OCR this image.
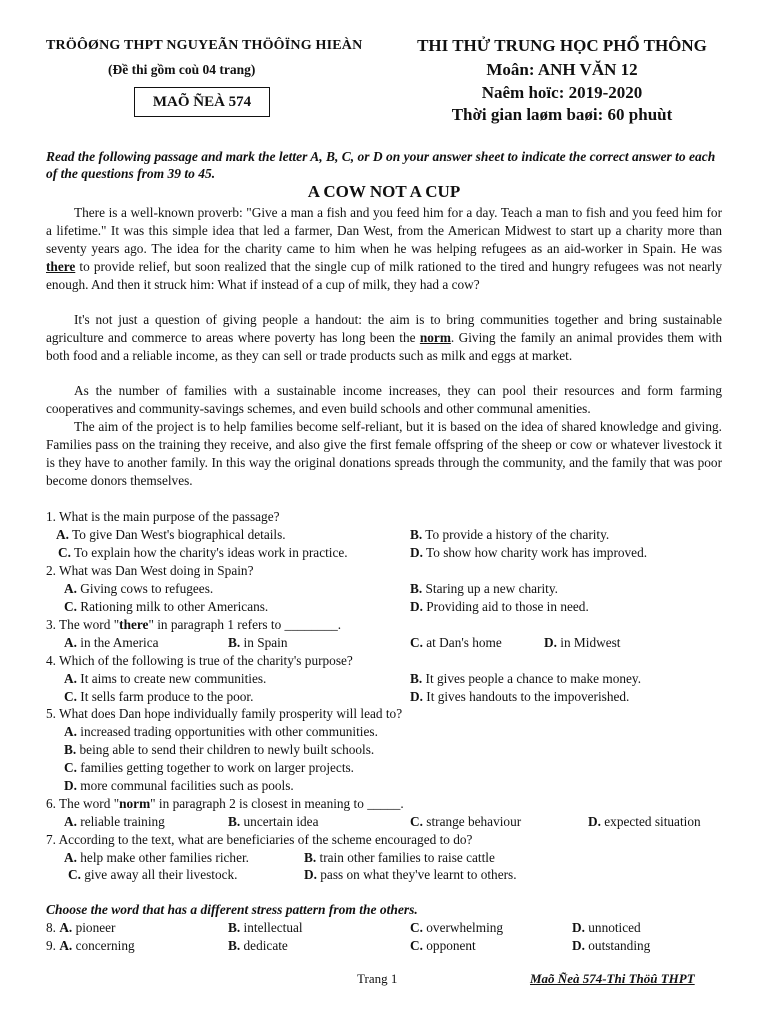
TRÖÔØNG THPT NGUYEÃN THÖÔÏNG HIEÀN	THI THỬ TRUNG HỌC PHỔ THÔNG
(Đề thi gồm coù 04 trang)	Moân: ANH VĂN 12
MAÕ ÑEÀ 574	Naêm hoïc: 2019-2020
Thời gian laøm baøi: 60 phuùt
Read the following passage and mark the letter A, B, C, or D on your answer sheet to indicate the correct answer to each of the questions from 39 to 45.
A COW NOT A CUP

There is a well-known proverb: "Give a man a fish and you feed him for a day. Teach a man to fish and you feed him for a lifetime." It was this simple idea that led a farmer, Dan West, from the American Midwest to start up a charity more than seventy years ago. The idea for the charity came to him when he was helping refugees as an aid-worker in Spain. He was there to provide relief, but soon realized that the single cup of milk rationed to the tired and hungry refugees was not nearly enough. And then it struck him: What if instead of a cup of milk, they had a cow?

It's not just a question of giving people a handout: the aim is to bring communities together and bring sustainable agriculture and commerce to areas where poverty has long been the norm. Giving the family an animal provides them with both food and a reliable income, as they can sell or trade products such as milk and eggs at market.

As the number of families with a sustainable income increases, they can pool their resources and form farming cooperatives and community-savings schemes, and even build schools and other communal amenities.

The aim of the project is to help families become self-reliant, but it is based on the idea of shared knowledge and giving. Families pass on the training they receive, and also give the first female offspring of the sheep or cow or whatever livestock it is they have to another family. In this way the original donations spreads through the community, and the family that was poor become donors themselves.

1. What is the main purpose of the passage?
A. To give Dan West's biographical details.	B. To provide a history of the charity.
C. To explain how the charity's ideas work in practice.	D. To show how charity work has improved.
2. What was Dan West doing in Spain?
A. Giving cows to refugees.	B. Staring up a new charity.
C. Rationing milk to other Americans.	D. Providing aid to those in need.
3. The word "there" in paragraph 1 refers to ________.
A. in the America	B. in Spain	C. at Dan's home	D. in Midwest
4. Which of the following is true of the charity's purpose?
A. It aims to create new communities.	B. It gives people a chance to make money.
C. It sells farm produce to the poor.	D. It gives handouts to the impoverished.
5. What does Dan hope individually family prosperity will lead to?
A. increased trading opportunities with other communities.
B. being able to send their children to newly built schools.
C. families getting together to work on larger projects.
D. more communal facilities such as pools.
6. The word "norm" in paragraph 2 is closest in meaning to _____.
A. reliable training	B. uncertain idea	C. strange behaviour	D. expected situation
7. According to the text, what are beneficiaries of the scheme encouraged to do?
A. help make other families richer.	B. train other families to raise cattle
C. give away all their livestock.	D. pass on what they've learnt to others.
Choose the word that has a different stress pattern from the others.
8. A. pioneer	B. intellectual	C. overwhelming	D. unnoticed
9. A. concerning	B. dedicate	C. opponent	D. outstanding
Trang 1	Maõ Ñeà 574-Thi Thöû THPT
